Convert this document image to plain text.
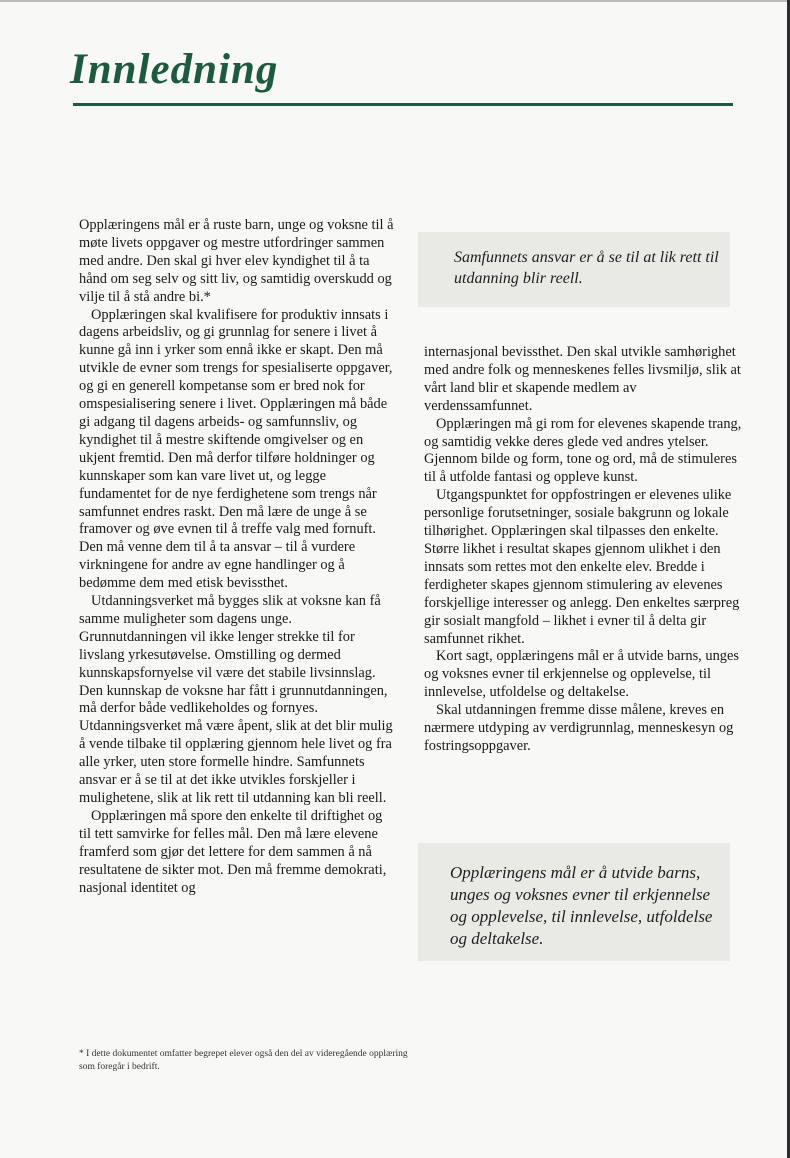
Innledning

Opplæringens mål er å ruste barn, unge og voksne til å møte livets oppgaver og mestre utfordringer sammen med andre. Den skal gi hver elev kyndighet til å ta hånd om seg selv og sitt liv, og samtidig overskudd og vilje til å stå andre bi.*

Opplæringen skal kvalifisere for produktiv innsats i dagens arbeidsliv, og gi grunnlag for senere i livet å kunne gå inn i yrker som ennå ikke er skapt. Den må utvikle de evner som trengs for spesialiserte oppgaver, og gi en generell kompetanse som er bred nok for omspesialisering senere i livet. Opplæringen må både gi adgang til dagens arbeids- og samfunnsliv, og kyndighet til å mestre skiftende omgivelser og en ukjent fremtid. Den må derfor tilføre holdninger og kunnskaper som kan vare livet ut, og legge fundamentet for de nye ferdighetene som trengs når samfunnet endres raskt. Den må lære de unge å se framover og øve evnen til å treffe valg med fornuft. Den må venne dem til å ta ansvar – til å vurdere virkningene for andre av egne handlinger og å bedømme dem med etisk bevissthet.

Utdanningsverket må bygges slik at voksne kan få samme muligheter som dagens unge. Grunnutdanningen vil ikke lenger strekke til for livslang yrkesutøvelse. Omstilling og dermed kunnskapsfornyelse vil være det stabile livsinnslag. Den kunnskap de voksne har fått i grunnutdanningen, må derfor både vedlikeholdes og fornyes. Utdanningsverket må være åpent, slik at det blir mulig å vende tilbake til opplæring gjennom hele livet og fra alle yrker, uten store formelle hindre. Samfunnets ansvar er å se til at det ikke utvikles forskjeller i mulighetene, slik at lik rett til utdanning kan bli reell.

Opplæringen må spore den enkelte til driftighet og til tett samvirke for felles mål. Den må lære elevene framferd som gjør det lettere for dem sammen å nå resultatene de sikter mot. Den må fremme demokrati, nasjonal identitet og

Samfunnets ansvar er å se til at lik rett til utdanning blir reell.

internasjonal bevissthet. Den skal utvikle samhørighet med andre folk og menneskenes felles livsmiljø, slik at vårt land blir et skapende medlem av verdenssamfunnet.

Opplæringen må gi rom for elevenes skapende trang, og samtidig vekke deres glede ved andres ytelser. Gjennom bilde og form, tone og ord, må de stimuleres til å utfolde fantasi og oppleve kunst.

Utgangspunktet for oppfostringen er elevenes ulike personlige forutsetninger, sosiale bakgrunn og lokale tilhørighet. Opplæringen skal tilpasses den enkelte. Større likhet i resultat skapes gjennom ulikhet i den innsats som rettes mot den enkelte elev. Bredde i ferdigheter skapes gjennom stimulering av elevenes forskjellige interesser og anlegg. Den enkeltes særpreg gir sosialt mangfold – likhet i evner til å delta gir samfunnet rikhet.

Kort sagt, opplæringens mål er å utvide barns, unges og voksnes evner til erkjennelse og opplevelse, til innlevelse, utfoldelse og deltakelse.

Skal utdanningen fremme disse målene, kreves en nærmere utdyping av verdigrunnlag, menneskesyn og fostringsoppgaver.

Opplæringens mål er å utvide barns, unges og voksnes evner til erkjennelse og opplevelse, til innlevelse, utfoldelse og deltakelse.
* I dette dokumentet omfatter begrepet elever også den del av videregående opplæring som foregår i bedrift.
